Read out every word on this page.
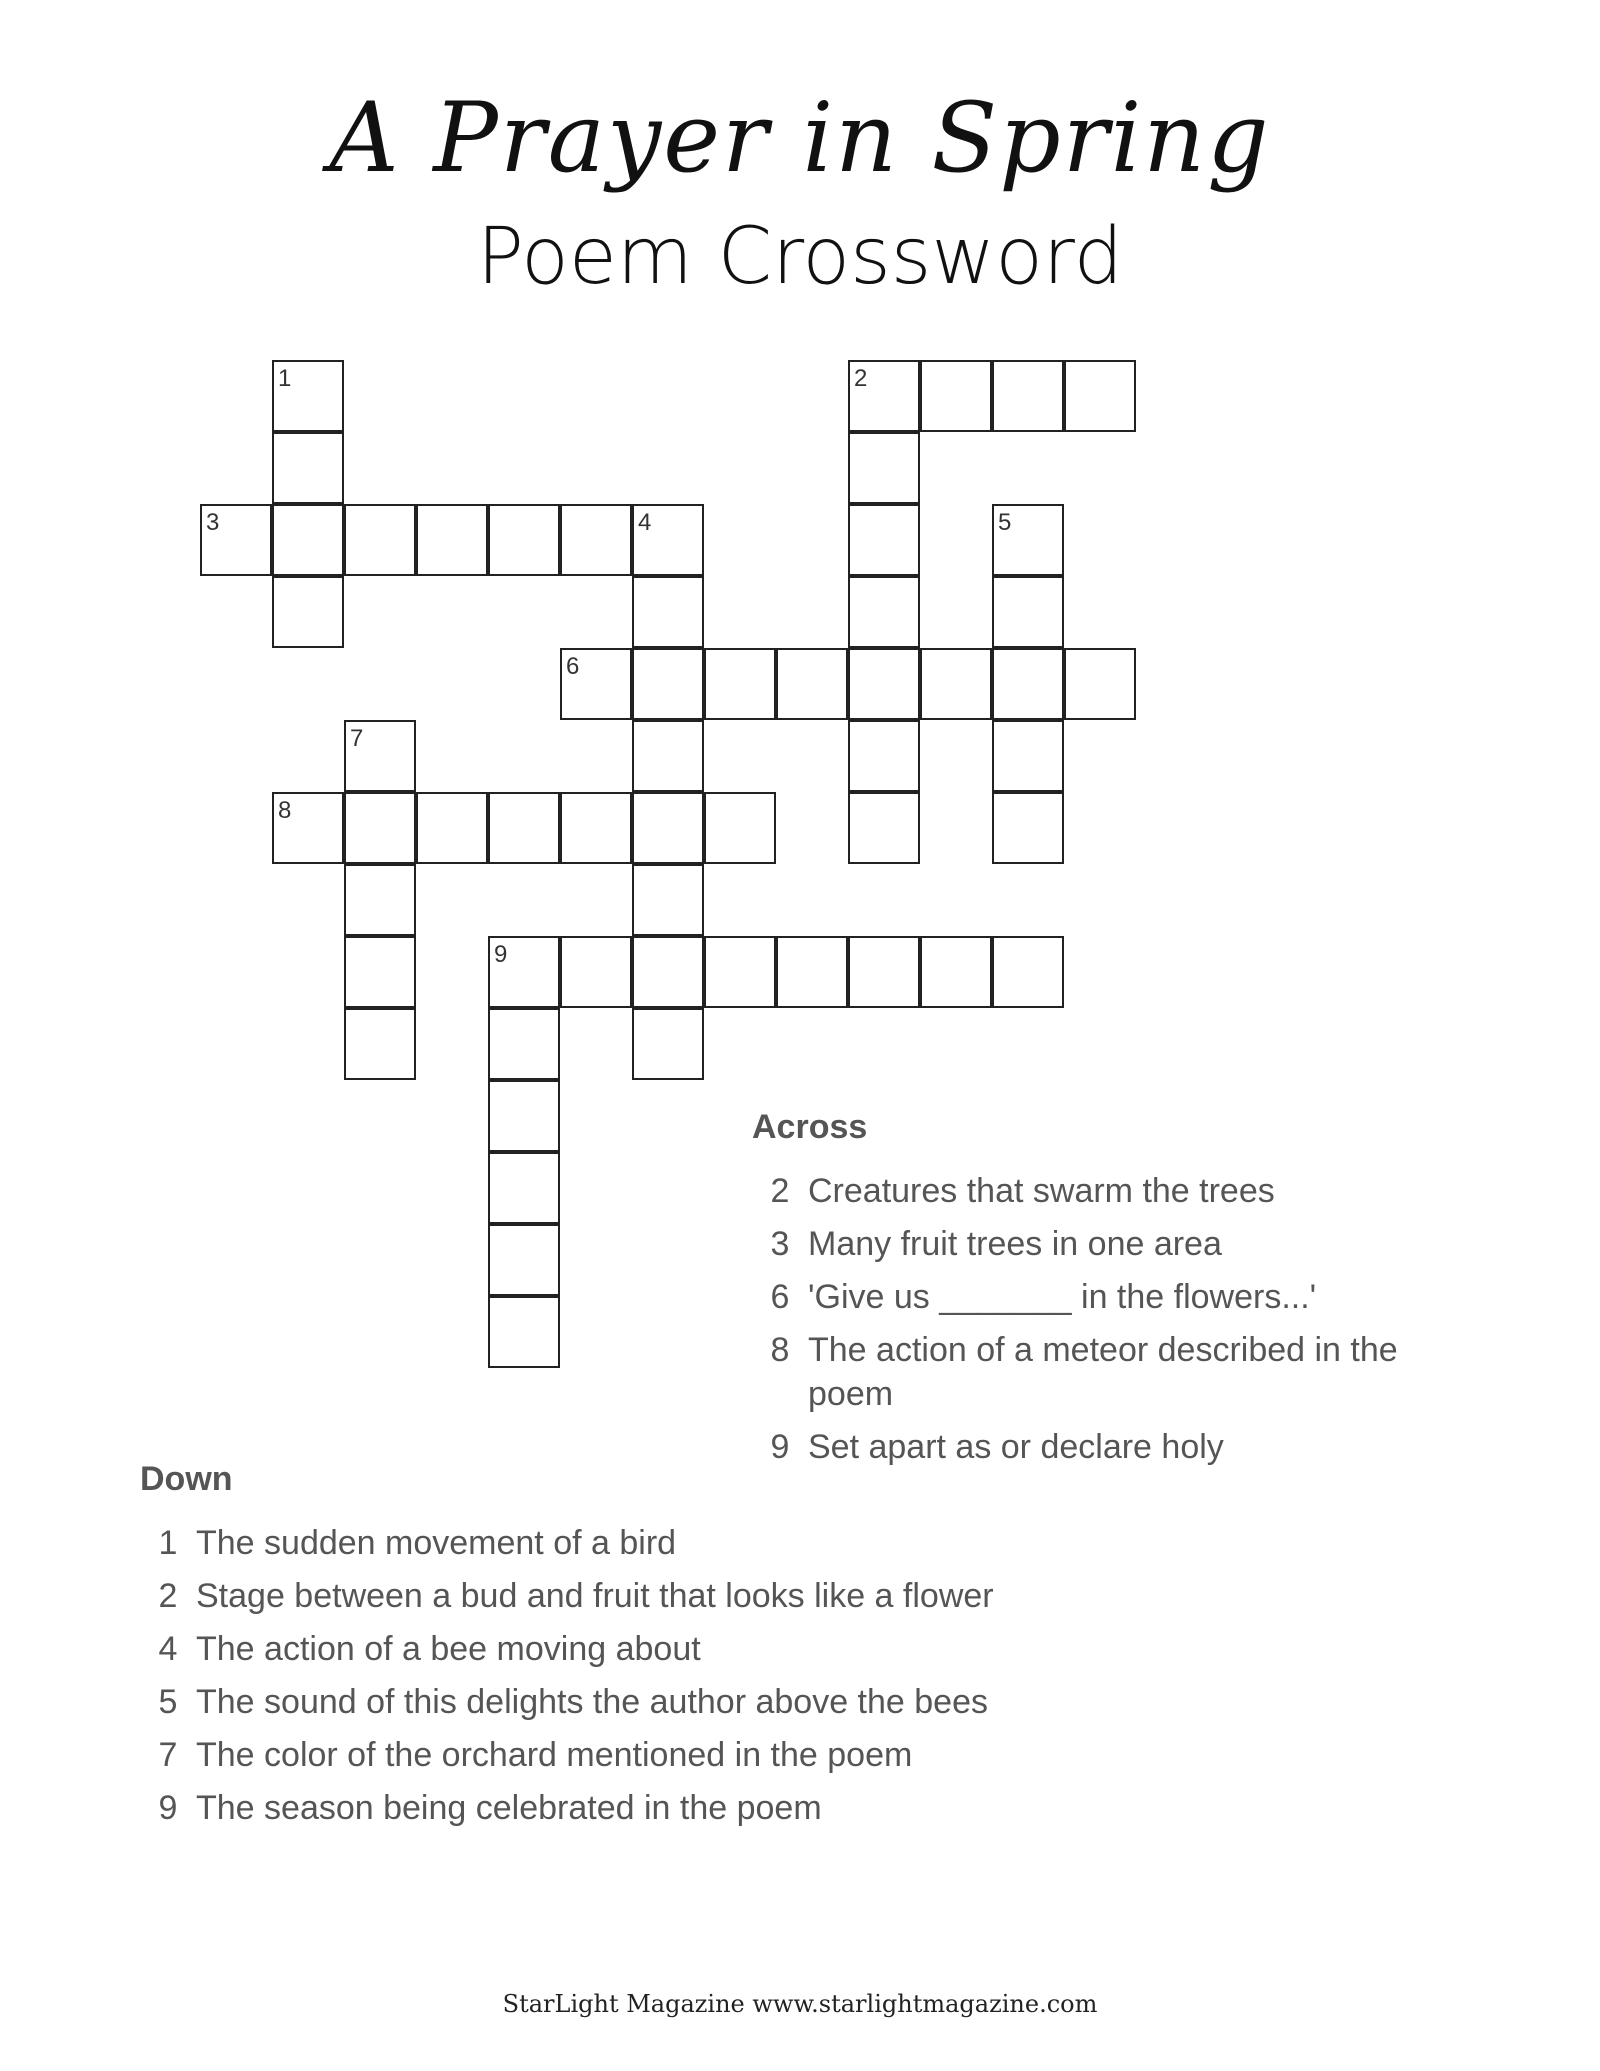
A Prayer in Spring
Poem Crossword
1
3	4
2
5
6
7
8
9
Across
2 Creatures that swarm the trees
3 Many fruit trees in one area
6 'Give us _______ in the flowers...'
8 The action of a meteor described in the poem
9 Set apart as or declare holy
Down
1 The sudden movement of a bird
2 Stage between a bud and fruit that looks like a flower
4 The action of a bee moving about
5 The sound of this delights the author above the bees
7 The color of the orchard mentioned in the poem
9 The season being celebrated in the poem
StarLight Magazine www.starlightmagazine.com
